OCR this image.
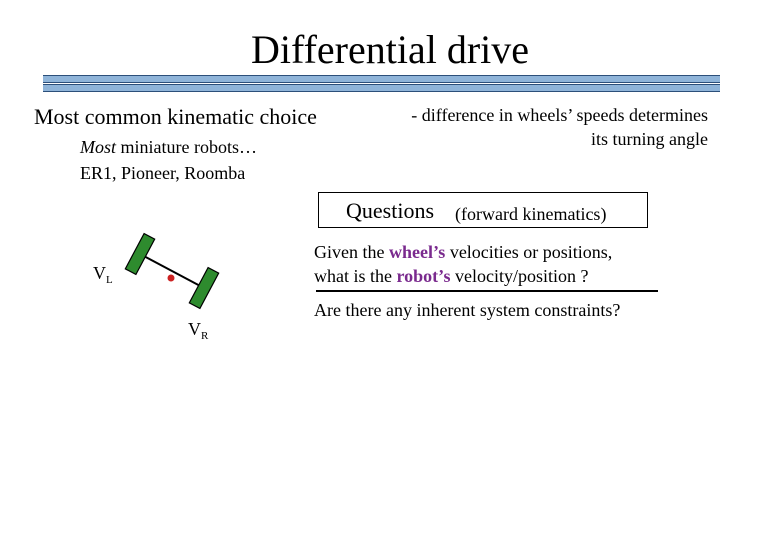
Differential drive
Most common kinematic choice	- difference in wheels’ speeds determines
its turning angle
Most miniature robots…
ER1, Pioneer, Roomba
Questions (forward kinematics)
Given the wheel’s velocities or positions,
what is the robot’s velocity/position ?
Are there any inherent system constraints?
$V_L$
$V_R$
